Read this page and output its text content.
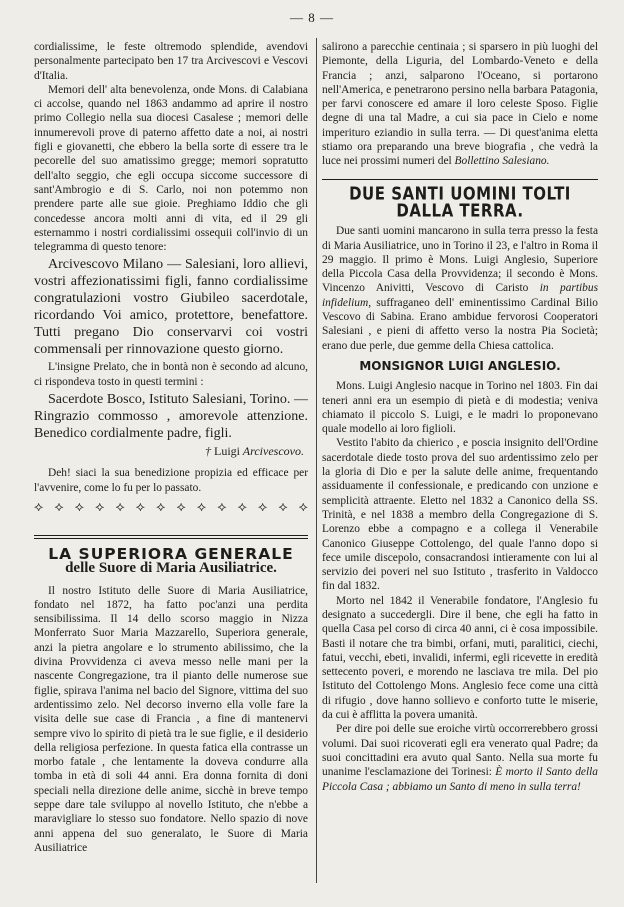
— 8 —

cordialissime, le feste oltremodo splendide, avendovi personalmente partecipato ben 17 tra Arcivescovi e Vescovi d'Italia.

Memori dell' alta benevolenza, onde Mons. di Calabiana ci accolse, quando nel 1863 andammo ad aprire il nostro primo Collegio nella sua diocesi Casalese ; memori delle innumerevoli prove di paterno affetto date a noi, ai nostri figli e giovanetti, che ebbero la bella sorte di essere tra le pecorelle del suo amatissimo gregge; memori sopratutto dell'alto seggio, che egli occupa siccome successore di sant'Ambrogio e di S. Carlo, noi non potemmo non prendere parte alle sue gioie. Preghiamo Iddio che gli concedesse ancora molti anni di vita, ed il 29 gli esternammo i nostri cordialissimi ossequii coll'invio di un telegramma di questo tenore:

Arcivescovo Milano — Salesiani, loro allievi, vostri affezionatissimi figli, fanno cordialissime congratulazioni vostro Giubileo sacerdotale, ricordando Voi amico, protettore, benefattore. Tutti pregano Dio conservarvi coi vostri commensali per rinnovazione questo giorno.

L'insigne Prelato, che in bontà non è secondo ad alcuno, ci rispondeva tosto in questi termini :

Sacerdote Bosco, Istituto Salesiani, Torino. — Ringrazio commosso , amorevole attenzione. Benedico cordialmente padre, figli.

† Luigi Arcivescovo.

Deh! siaci la sua benedizione propizia ed efficace per l'avvenire, come lo fu per lo passato.

⟡ ⟡ ⟡ ⟡ ⟡ ⟡ ⟡ ⟡ ⟡ ⟡ ⟡ ⟡ ⟡ ⟡
LA SUPERIORA GENERALE
delle Suore di Maria Ausiliatrice.

Il nostro Istituto delle Suore di Maria Ausiliatrice, fondato nel 1872, ha fatto poc'anzi una perdita sensibilissima. Il 14 dello scorso maggio in Nizza Monferrato Suor Maria Mazzarello, Superiora generale, anzi la pietra angolare e lo strumento abilissimo, che la divina Provvidenza ci aveva messo nelle mani per la nascente Congregazione, tra il pianto delle numerose sue figlie, spirava l'anima nel bacio del Signore, vittima del suo ardentissimo zelo. Nel decorso inverno ella volle fare la visita delle sue case di Francia , a fine di mantenervi sempre vivo lo spirito di pietà tra le sue figlie, e il desiderio della religiosa perfezione. In questa fatica ella contrasse un morbo fatale , che lentamente la doveva condurre alla tomba in età di soli 44 anni. Era donna fornita di doni speciali nella direzione delle anime, sicchè in breve tempo seppe dare tale sviluppo al novello Istituto, che n'ebbe a maravigliare lo stesso suo fondatore. Nello spazio di nove anni appena del suo generalato, le Suore di Maria Ausiliatrice

salirono a parecchie centinaia ; si sparsero in più luoghi del Piemonte, della Liguria, del Lombardo-Veneto e della Francia ; anzi, salparono l'Oceano, si portarono nell'America, e penetrarono persino nella barbara Patagonia, per farvi conoscere ed amare il loro celeste Sposo. Figlie degne di una tal Madre, a cui sia pace in Cielo e nome imperituro eziandio in sulla terra. — Di quest'anima eletta stiamo ora preparando una breve biografia , che vedrà la luce nei prossimi numeri del Bollettino Salesiano.

DUE SANTI UOMINI TOLTI DALLA TERRA.

Due santi uomini mancarono in sulla terra presso la festa di Maria Ausiliatrice, uno in Torino il 23, e l'altro in Roma il 29 maggio. Il primo è Mons. Luigi Anglesio, Superiore della Piccola Casa della Provvidenza; il secondo è Mons. Vincenzo Anivitti, Vescovo di Caristo in partibus infidelium, suffraganeo dell' eminentissimo Cardinal Bilio Vescovo di Sabina. Erano ambidue fervorosi Cooperatori Salesiani , e pieni di affetto verso la nostra Pia Società; erano due perle, due gemme della Chiesa cattolica.

MONSIGNOR LUIGI ANGLESIO.

Mons. Luigi Anglesio nacque in Torino nel 1803. Fin dai teneri anni era un esempio di pietà e di modestia; veniva chiamato il piccolo S. Luigi, e le madri lo proponevano quale modello ai loro figlioli.

Vestito l'abito da chierico , e poscia insignito dell'Ordine sacerdotale diede tosto prova del suo ardentissimo zelo per la gloria di Dio e per la salute delle anime, frequentando assiduamente il confessionale, e predicando con unzione e semplicità attraente. Eletto nel 1832 a Canonico della SS. Trinità, e nel 1838 a membro della Congregazione di S. Lorenzo ebbe a compagno e a collega il Venerabile Canonico Giuseppe Cottolengo, del quale l'anno dopo si fece umile discepolo, consacrandosi intieramente con lui al servizio dei poveri nel suo Istituto , trasferito in Valdocco fin dal 1832.

Morto nel 1842 il Venerabile fondatore, l'Anglesio fu designato a succedergli. Dire il bene, che egli ha fatto in quella Casa pel corso di circa 40 anni, ci è cosa impossibile. Basti il notare che tra bimbi, orfani, muti, paralitici, ciechi, fatui, vecchi, ebeti, invalidi, infermi, egli ricevette in eredità settecento poveri, e morendo ne lasciava tre mila. Del pio Istituto del Cottolengo Mons. Anglesio fece come una città di rifugio , dove hanno sollievo e conforto tutte le miserie, da cui è afflitta la povera umanità.

Per dire poi delle sue eroiche virtù occorrerebbero grossi volumi. Dai suoi ricoverati egli era venerato qual Padre; da suoi concittadini era avuto qual Santo. Nella sua morte fu unanime l'esclamazione dei Torinesi: È morto il Santo della Piccola Casa ; abbiamo un Santo di meno in sulla terra!
